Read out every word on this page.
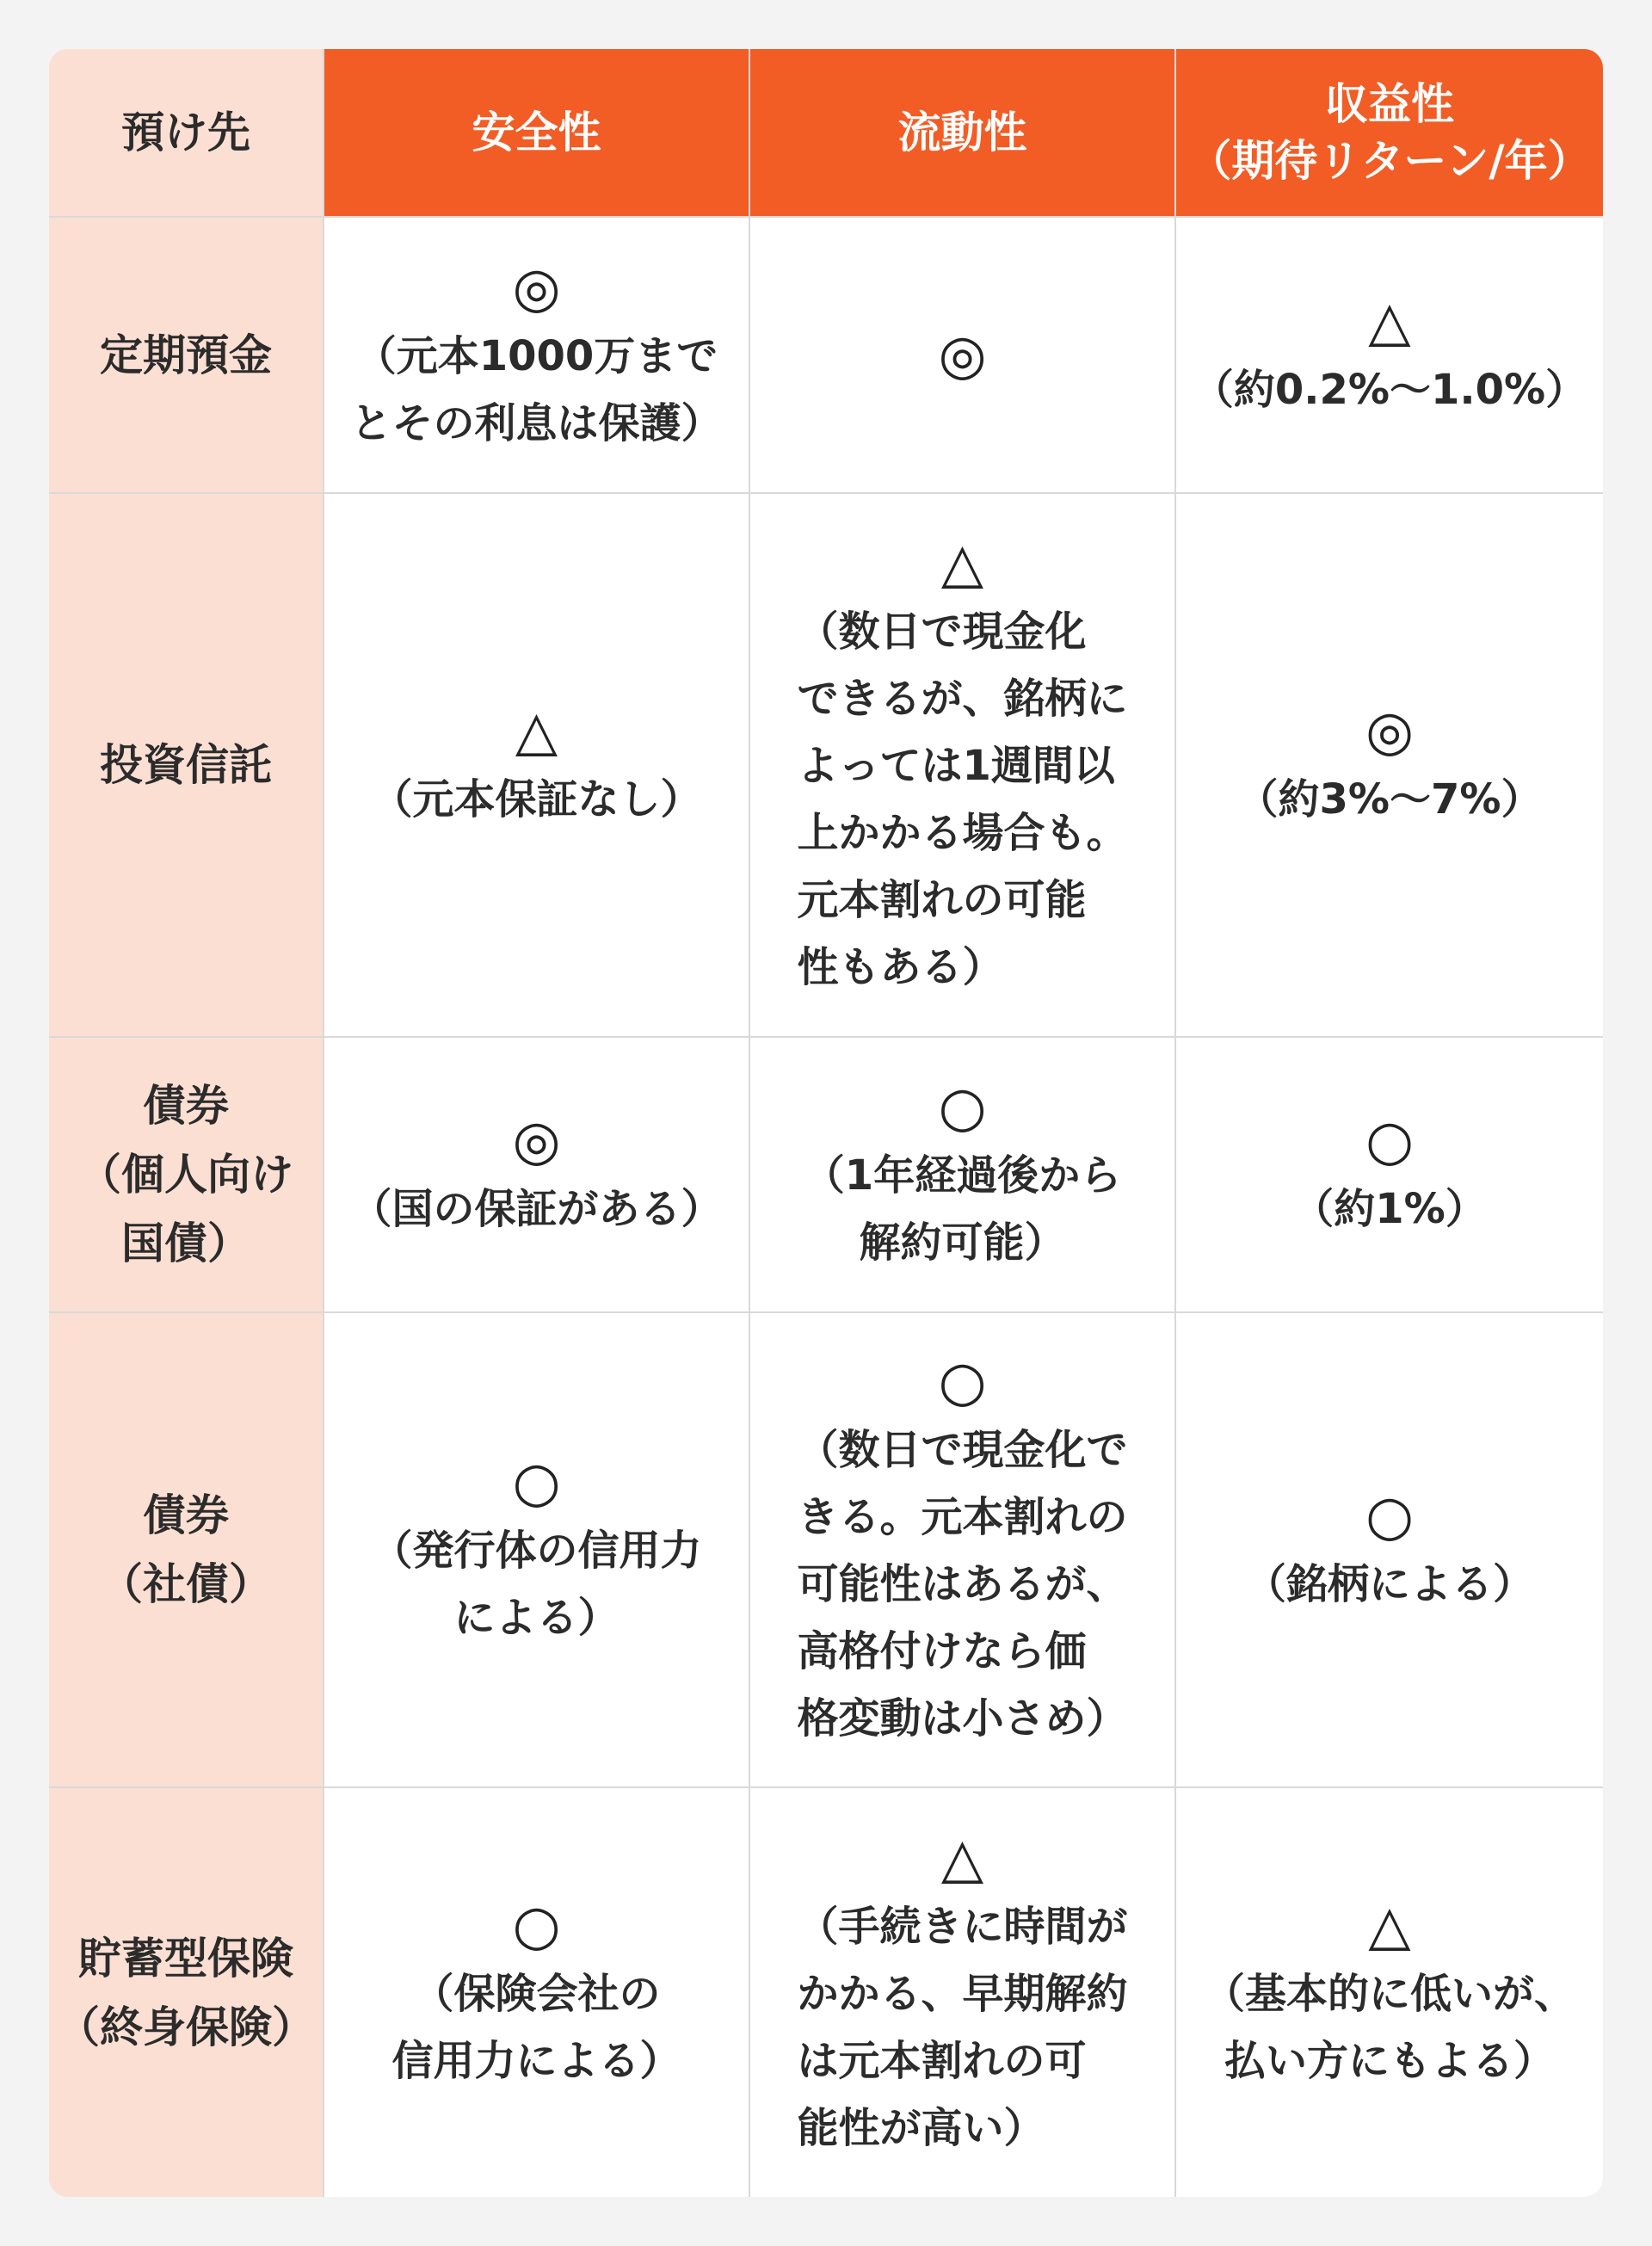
預け先	安全性	流動性
収益性
（期待リターン/年）
定期預金
◎
（元本1000万まで
とその利息は保護）
◎
△
（約0.2%〜1.0%）
投資信託
△
（元本保証なし）
△
（数日で現金化
できるが、銘柄に
よっては1週間以
上かかる場合も。
元本割れの可能
性もある）
◎
（約3%〜7%）
債券
（個人向け
国債）
◎
（国の保証がある）
○
（1年経過後から
解約可能）
○
（約1%）
債券
（社債）
○
（発行体の信用力
による）
○
（数日で現金化で
きる。元本割れの
可能性はあるが、
高格付けなら価
格変動は小さめ）
○
（銘柄による）
貯蓄型保険
（終身保険）
○
（保険会社の
信用力による）
△
（手続きに時間が
かかる、早期解約
は元本割れの可
能性が高い）
△
（基本的に低いが、
払い方にもよる）
